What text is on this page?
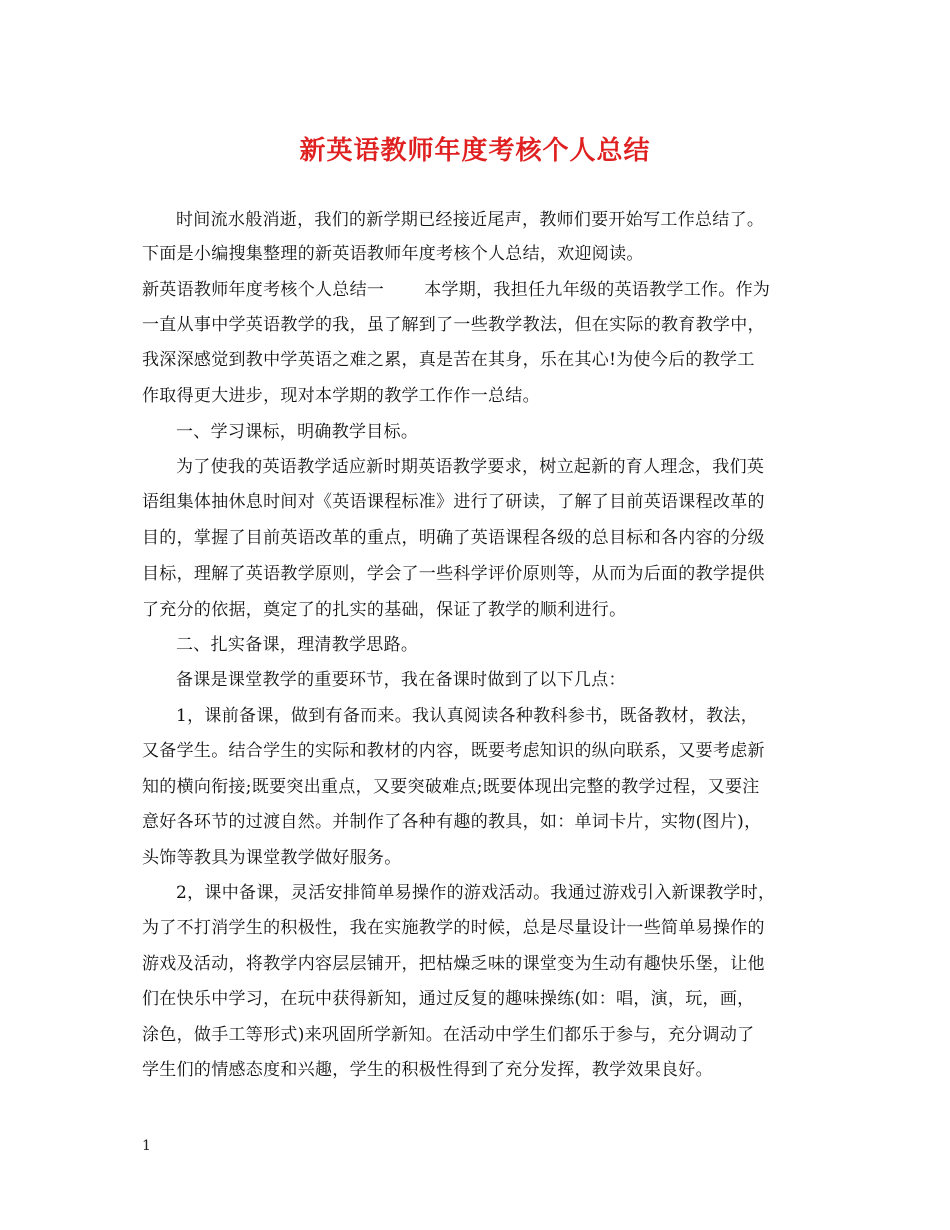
新英语教师年度考核个人总结
时间流水般消逝，我们的新学期已经接近尾声，教师们要开始写工作总结了。
下面是小编搜集整理的新英语教师年度考核个人总结，欢迎阅读。
新英语教师年度考核个人总结一 本学期，我担任九年级的英语教学工作。作为
一直从事中学英语教学的我，虽了解到了一些教学教法，但在实际的教育教学中，
我深深感觉到教中学英语之难之累，真是苦在其身，乐在其心!为使今后的教学工
作取得更大进步，现对本学期的教学工作作一总结。
一、学习课标，明确教学目标。
为了使我的英语教学适应新时期英语教学要求，树立起新的育人理念，我们英
语组集体抽休息时间对《英语课程标准》进行了研读，了解了目前英语课程改革的
目的，掌握了目前英语改革的重点，明确了英语课程各级的总目标和各内容的分级
目标，理解了英语教学原则，学会了一些科学评价原则等，从而为后面的教学提供
了充分的依据，奠定了的扎实的基础，保证了教学的顺利进行。
二、扎实备课，理清教学思路。
备课是课堂教学的重要环节，我在备课时做到了以下几点：
1，课前备课，做到有备而来。我认真阅读各种教科参书，既备教材，教法，
又备学生。结合学生的实际和教材的内容，既要考虑知识的纵向联系，又要考虑新
知的横向衔接;既要突出重点，又要突破难点;既要体现出完整的教学过程，又要注
意好各环节的过渡自然。并制作了各种有趣的教具，如：单词卡片，实物(图片)，
头饰等教具为课堂教学做好服务。
2，课中备课，灵活安排简单易操作的游戏活动。我通过游戏引入新课教学时，
为了不打消学生的积极性，我在实施教学的时候，总是尽量设计一些简单易操作的
游戏及活动，将教学内容层层铺开，把枯燥乏味的课堂变为生动有趣快乐堡，让他
们在快乐中学习，在玩中获得新知，通过反复的趣味操练(如：唱，演，玩，画，
涂色，做手工等形式)来巩固所学新知。在活动中学生们都乐于参与，充分调动了
学生们的情感态度和兴趣，学生的积极性得到了充分发挥，教学效果良好。
1
